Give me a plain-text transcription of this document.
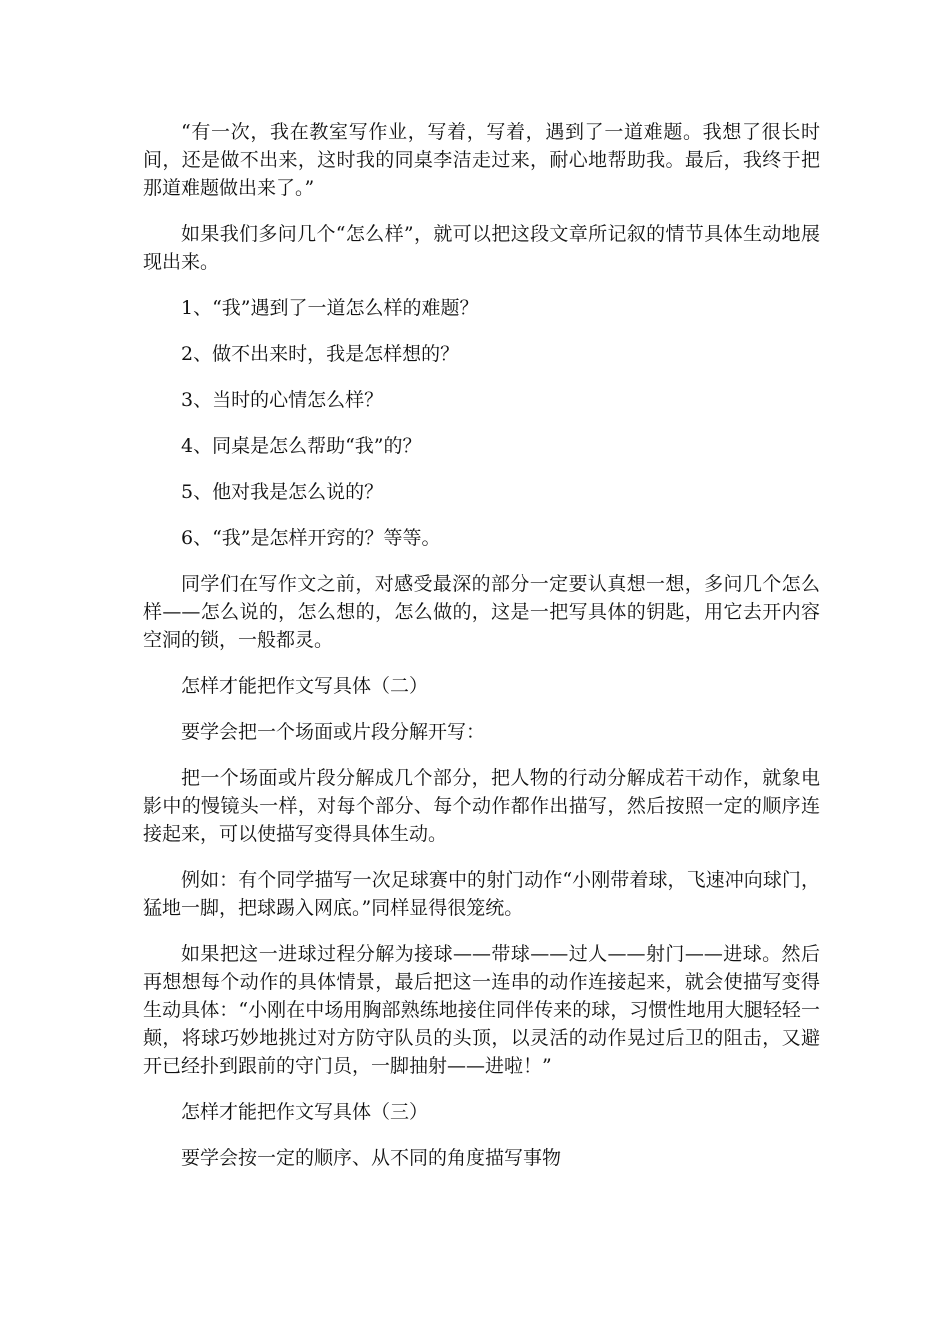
“有一次，我在教室写作业，写着，写着，遇到了一道难题。我想了很长时间，还是做不出来，这时我的同桌李洁走过来，耐心地帮助我。最后，我终于把那道难题做出来了。”

如果我们多问几个“怎么样”，就可以把这段文章所记叙的情节具体生动地展现出来。

1、“我”遇到了一道怎么样的难题？

2、做不出来时，我是怎样想的？

3、当时的心情怎么样？

4、同桌是怎么帮助“我”的？

5、他对我是怎么说的？

6、“我”是怎样开窍的？等等。

同学们在写作文之前，对感受最深的部分一定要认真想一想，多问几个怎么样——怎么说的，怎么想的，怎么做的，这是一把写具体的钥匙，用它去开内容空洞的锁，一般都灵。

怎样才能把作文写具体（二）

要学会把一个场面或片段分解开写：

把一个场面或片段分解成几个部分，把人物的行动分解成若干动作，就象电影中的慢镜头一样，对每个部分、每个动作都作出描写，然后按照一定的顺序连接起来，可以使描写变得具体生动。

例如：有个同学描写一次足球赛中的射门动作“小刚带着球，飞速冲向球门，猛地一脚，把球踢入网底。”同样显得很笼统。

如果把这一进球过程分解为接球——带球——过人——射门——进球。然后再想想每个动作的具体情景，最后把这一连串的动作连接起来，就会使描写变得生动具体：“小刚在中场用胸部熟练地接住同伴传来的球，习惯性地用大腿轻轻一颠，将球巧妙地挑过对方防守队员的头顶，以灵活的动作晃过后卫的阻击，又避开已经扑到跟前的守门员，一脚抽射——进啦！”

怎样才能把作文写具体（三）

要学会按一定的顺序、从不同的角度描写事物
